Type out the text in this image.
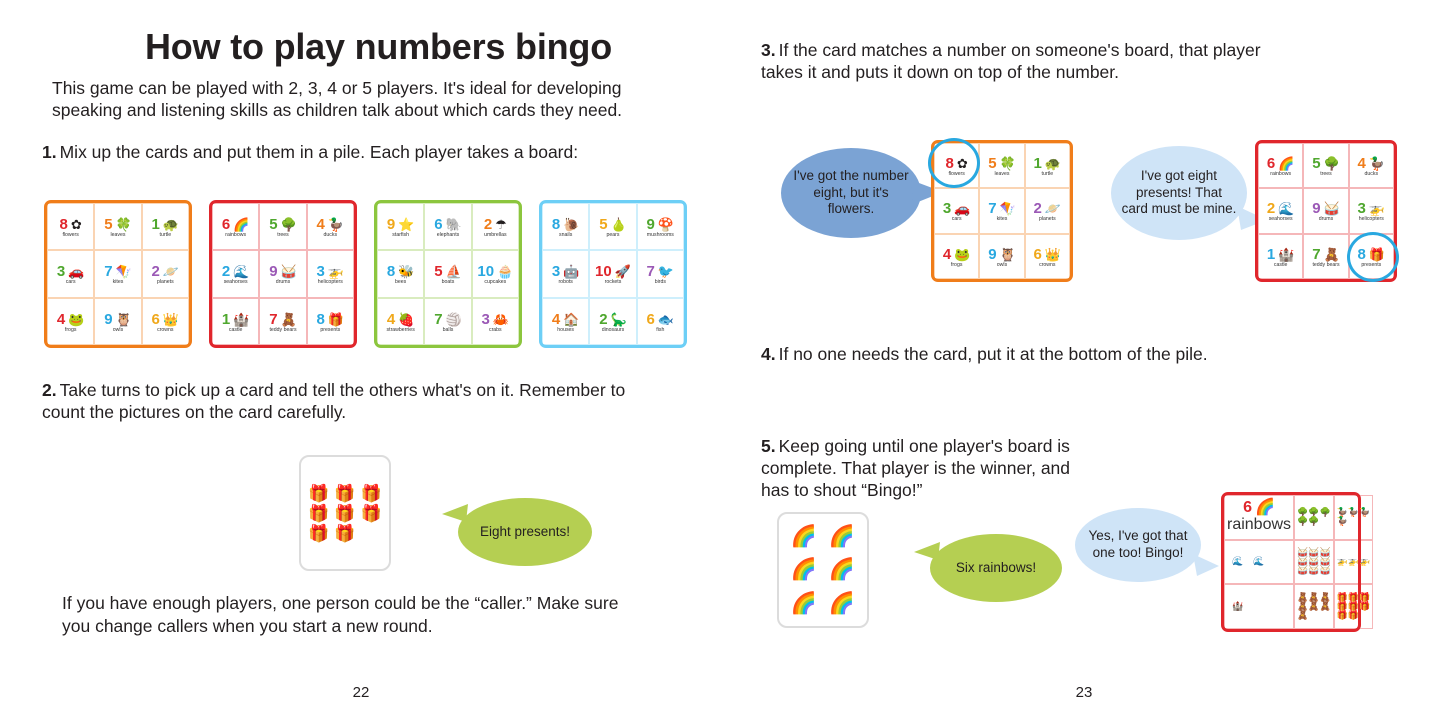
How to play numbers bingo
This game can be played with 2, 3, 4 or 5 players. It's ideal for developing speaking and listening skills as children talk about which cards they need.
1. Mix up the cards and put them in a pile. Each player takes a board:
8 ✿
flowers
5 🍀
leaves
1 🐢
turtle
3 🚗
cars
7 🪁
kites
2 🪐
planets
4 🐸
frogs
9 🦉
owls
6 👑
crowns
6 🌈
rainbows
5 🌳
trees
4 🦆
ducks
2 🌊
seahorses
9 🥁
drums
3 🚁
helicopters
1 🏰
castle
7 🧸
teddy bears
8 🎁
presents
9 ⭐
starfish
6 🐘
elephants
2 ☂
umbrellas
8 🐝
bees
5 ⛵
boats
10 🧁
cupcakes
4 🍓
strawberries
7 🏐
balls
3 🦀
crabs
8 🐌
snails
5 🍐
pears
9 🍄
mushrooms
3 🤖
robots
10 🚀
rockets
7 🐦
birds
4 🏠
houses
2 🦕
dinosaurs
6 🐟
fish
2. Take turns to pick up a card and tell the others what's on it. Remember to count the pictures on the card carefully.
🎁 🎁 🎁
🎁 🎁 🎁
🎁 🎁	Eight presents!
If you have enough players, one person could be the “caller.” Make sure you change callers when you start a new round.
22
3. If the card matches a number on someone's board, that player takes it and puts it down on top of the number.
I've got the number eight, but it's flowers.
8 ✿
flowers
5 🍀
leaves
1 🐢
turtle
3 🚗
cars
7 🪁
kites
2 🪐
planets
4 🐸
frogs
9 🦉
owls
6 👑
crowns
I've got eight presents! That card must be mine.
6 🌈
rainbows
5 🌳
trees
4 🦆
ducks
2 🌊
seahorses
9 🥁
drums
3 🚁
helicopters
1 🏰
castle
7 🧸
teddy bears
8 🎁
presents
4. If no one needs the card, put it at the bottom of the pile.
5. Keep going until one player's board is complete. That player is the winner, and has to shout “Bingo!”
🌈 🌈
🌈 🌈
🌈 🌈
Six rainbows!
Yes, I've got that one too! Bingo!
6 🌈
rainbows
🌳 🌳 🌳
🌳 🌳
🦆 🦆 🦆
🦆
🌊 🌊
🥁 🥁 🥁
🥁 🥁 🥁
🥁 🥁 🥁
🚁 🚁 🚁
🏰
🧸 🧸 🧸
🧸 🧸 🧸
🧸
🎁 🎁 🎁
🎁 🎁 🎁
🎁 🎁
23
